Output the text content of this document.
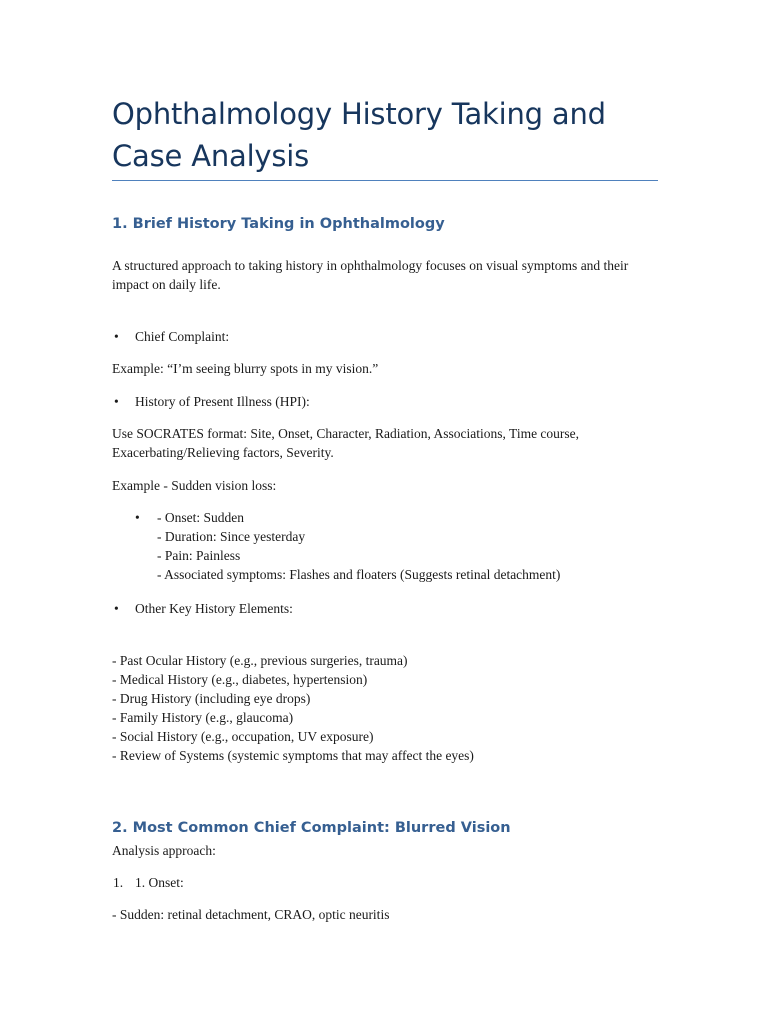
Ophthalmology History Taking and Case Analysis
1. Brief History Taking in Ophthalmology

A structured approach to taking history in ophthalmology focuses on visual symptoms and their impact on daily life.

• Chief Complaint:

Example: “I’m seeing blurry spots in my vision.”

• History of Present Illness (HPI):

Use SOCRATES format: Site, Onset, Character, Radiation, Associations, Time course, Exacerbating/Relieving factors, Severity.

Example - Sudden vision loss:

• - Onset: Sudden
- Duration: Since yesterday
- Pain: Painless
- Associated symptoms: Flashes and floaters (Suggests retinal detachment)
• Other Key History Elements:
- Past Ocular History (e.g., previous surgeries, trauma)
- Medical History (e.g., diabetes, hypertension)
- Drug History (including eye drops)
- Family History (e.g., glaucoma)
- Social History (e.g., occupation, UV exposure)
- Review of Systems (systemic symptoms that may affect the eyes)
2. Most Common Chief Complaint: Blurred Vision

Analysis approach:

1. 1. Onset:

- Sudden: retinal detachment, CRAO, optic neuritis
